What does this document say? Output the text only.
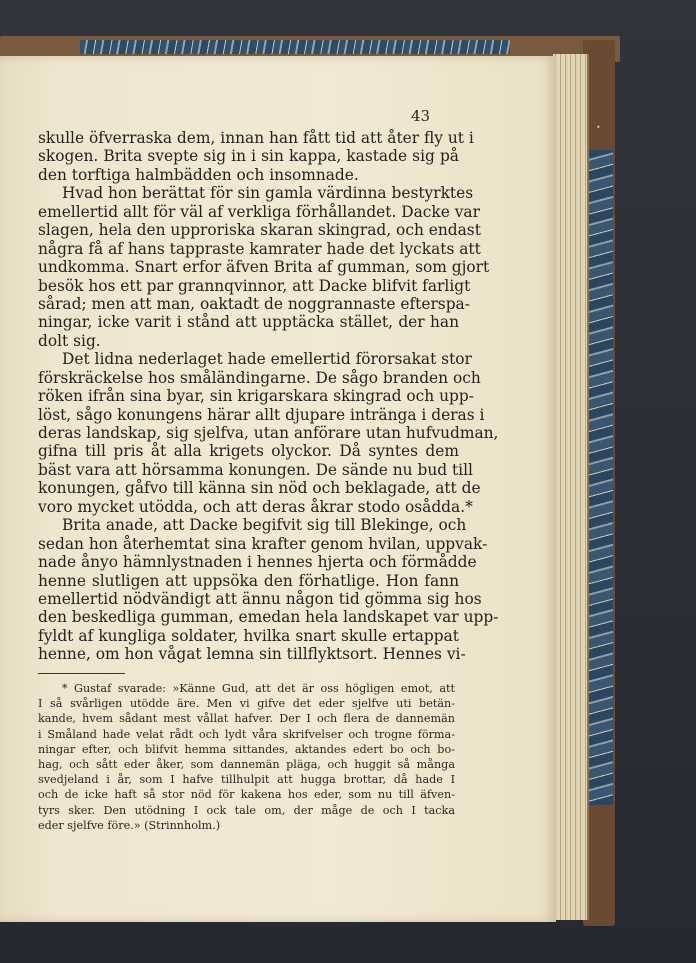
•
43
skulle öfverraska dem, innan han fått tid att åter fly ut i
skogen. Brita svepte sig in i sin kappa, kastade sig på
den torftiga halmbädden och insomnade.
Hvad hon berättat för sin gamla värdinna bestyrktes
emellertid allt för väl af verkliga förhållandet. Dacke var
slagen, hela den upproriska skaran skingrad, och endast
några få af hans tappraste kamrater hade det lyckats att
undkomma. Snart erfor äfven Brita af gumman, som gjort
besök hos ett par grannqvinnor, att Dacke blifvit farligt
sårad; men att man, oaktadt de noggrannaste efterspa-
ningar, icke varit i stånd att upptäcka stället, der han
dolt sig.
Det lidna nederlaget hade emellertid förorsakat stor
förskräckelse hos småländingarne. De sågo branden och
röken ifrån sina byar, sin krigarskara skingrad och upp-
löst, sågo konungens härar allt djupare inträngа i deras i
deras landskap, sig sjelfva, utan anförare utan hufvudman,
gifna till pris åt alla krigets olyckor. Då syntes dem
bäst vara att hörsamma konungen. De sände nu bud till
konungen, gåfvo till känna sin nöd och beklagade, att de
voro mycket utödda, och att deras åkrar stodo osådda.*
Brita anade, att Dacke begifvit sig till Blekinge, och
sedan hon återhemtat sina krafter genom hvilan, uppvak-
nade ånyo hämnlystnaden i hennes hjerta och förmådde
henne slutligen att uppsöka den förhatlige. Hon fann
emellertid nödvändigt att ännu någon tid gömma sig hos
den beskedliga gumman, emedan hela landskapet var upp-
fyldt af kungliga soldater, hvilka snart skulle ertappat
henne, om hon vågat lemna sin tillflyktsort. Hennes vi-
* Gustaf svarade: »Känne Gud, att det är oss högligen emot, att
I så svårligen utödde äre. Men vi gifve det eder sjelfve uti betän-
kande, hvem sådant mest vållat hafver. Der I och flera de dannemän
i Småland hade velat rådt och lydt våra skrifvelser och trogne förma-
ningar efter, och blifvit hemma sittandes, aktandes edert bo och bo-
hag, och sått eder åker, som dannemän pläga, och huggit så många
svedjeland i år, som I hafve tillhulpit att hugga brottar, då hade I
och de icke haft så stor nöd för kakena hos eder, som nu till äfven-
tyrs sker. Den utödning I ock tale om, der måge de och I tacka
eder sjelfve före.» (Strinnholm.)
